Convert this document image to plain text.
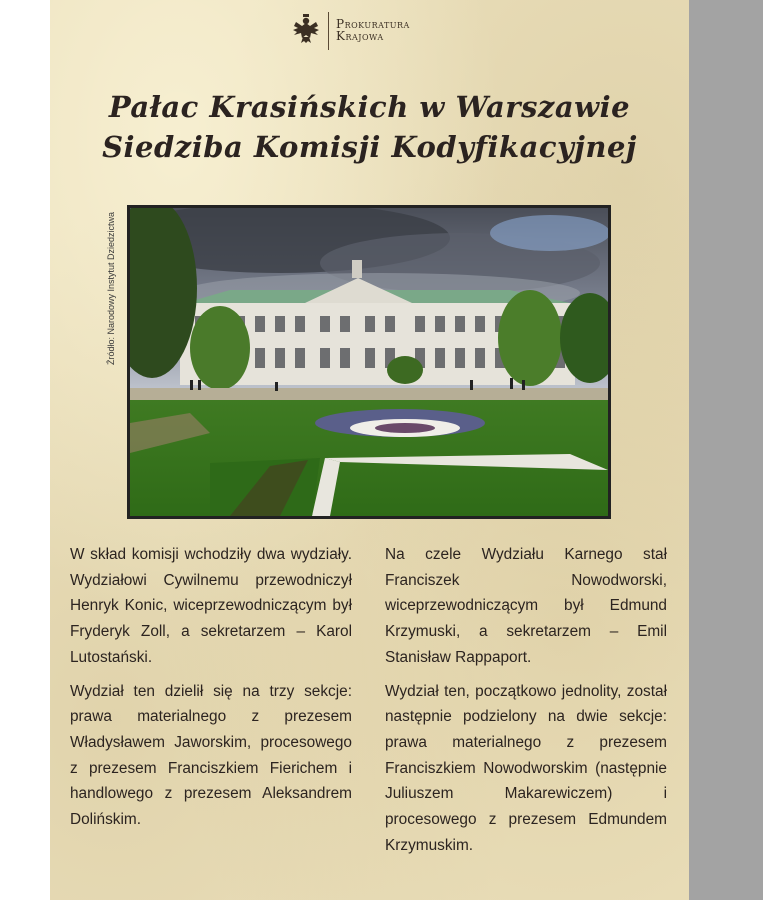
Prokuratura
Krajowa
Pałac Krasińskich w Warszawie
Siedziba Komisji Kodyfikacyjnej
Źródło: Narodowy Instytut Dziedzictwa

W skład komisji wchodziły dwa wydziały. Wydziałowi Cywilnemu przewodniczył Henryk Konic, wiceprzewodniczącym był Fryderyk Zoll, a sekretarzem – Karol Lutostański.

Wydział ten dzielił się na trzy sekcje: prawa materialnego z prezesem Władysławem Jaworskim, procesowego z prezesem Franciszkiem Fierichem i handlowego z prezesem Aleksandrem Dolińskim.

Na czele Wydziału Karnego stał Franciszek Nowodworski, wiceprzewodniczącym był Edmund Krzymuski, a sekretarzem – Emil Stanisław Rappaport.

Wydział ten, początkowo jednolity, został następnie podzielony na dwie sekcje: prawa materialnego z prezesem Franciszkiem Nowodworskim (następnie Juliuszem Makarewiczem) i procesowego z prezesem Edmundem Krzymuskim.
